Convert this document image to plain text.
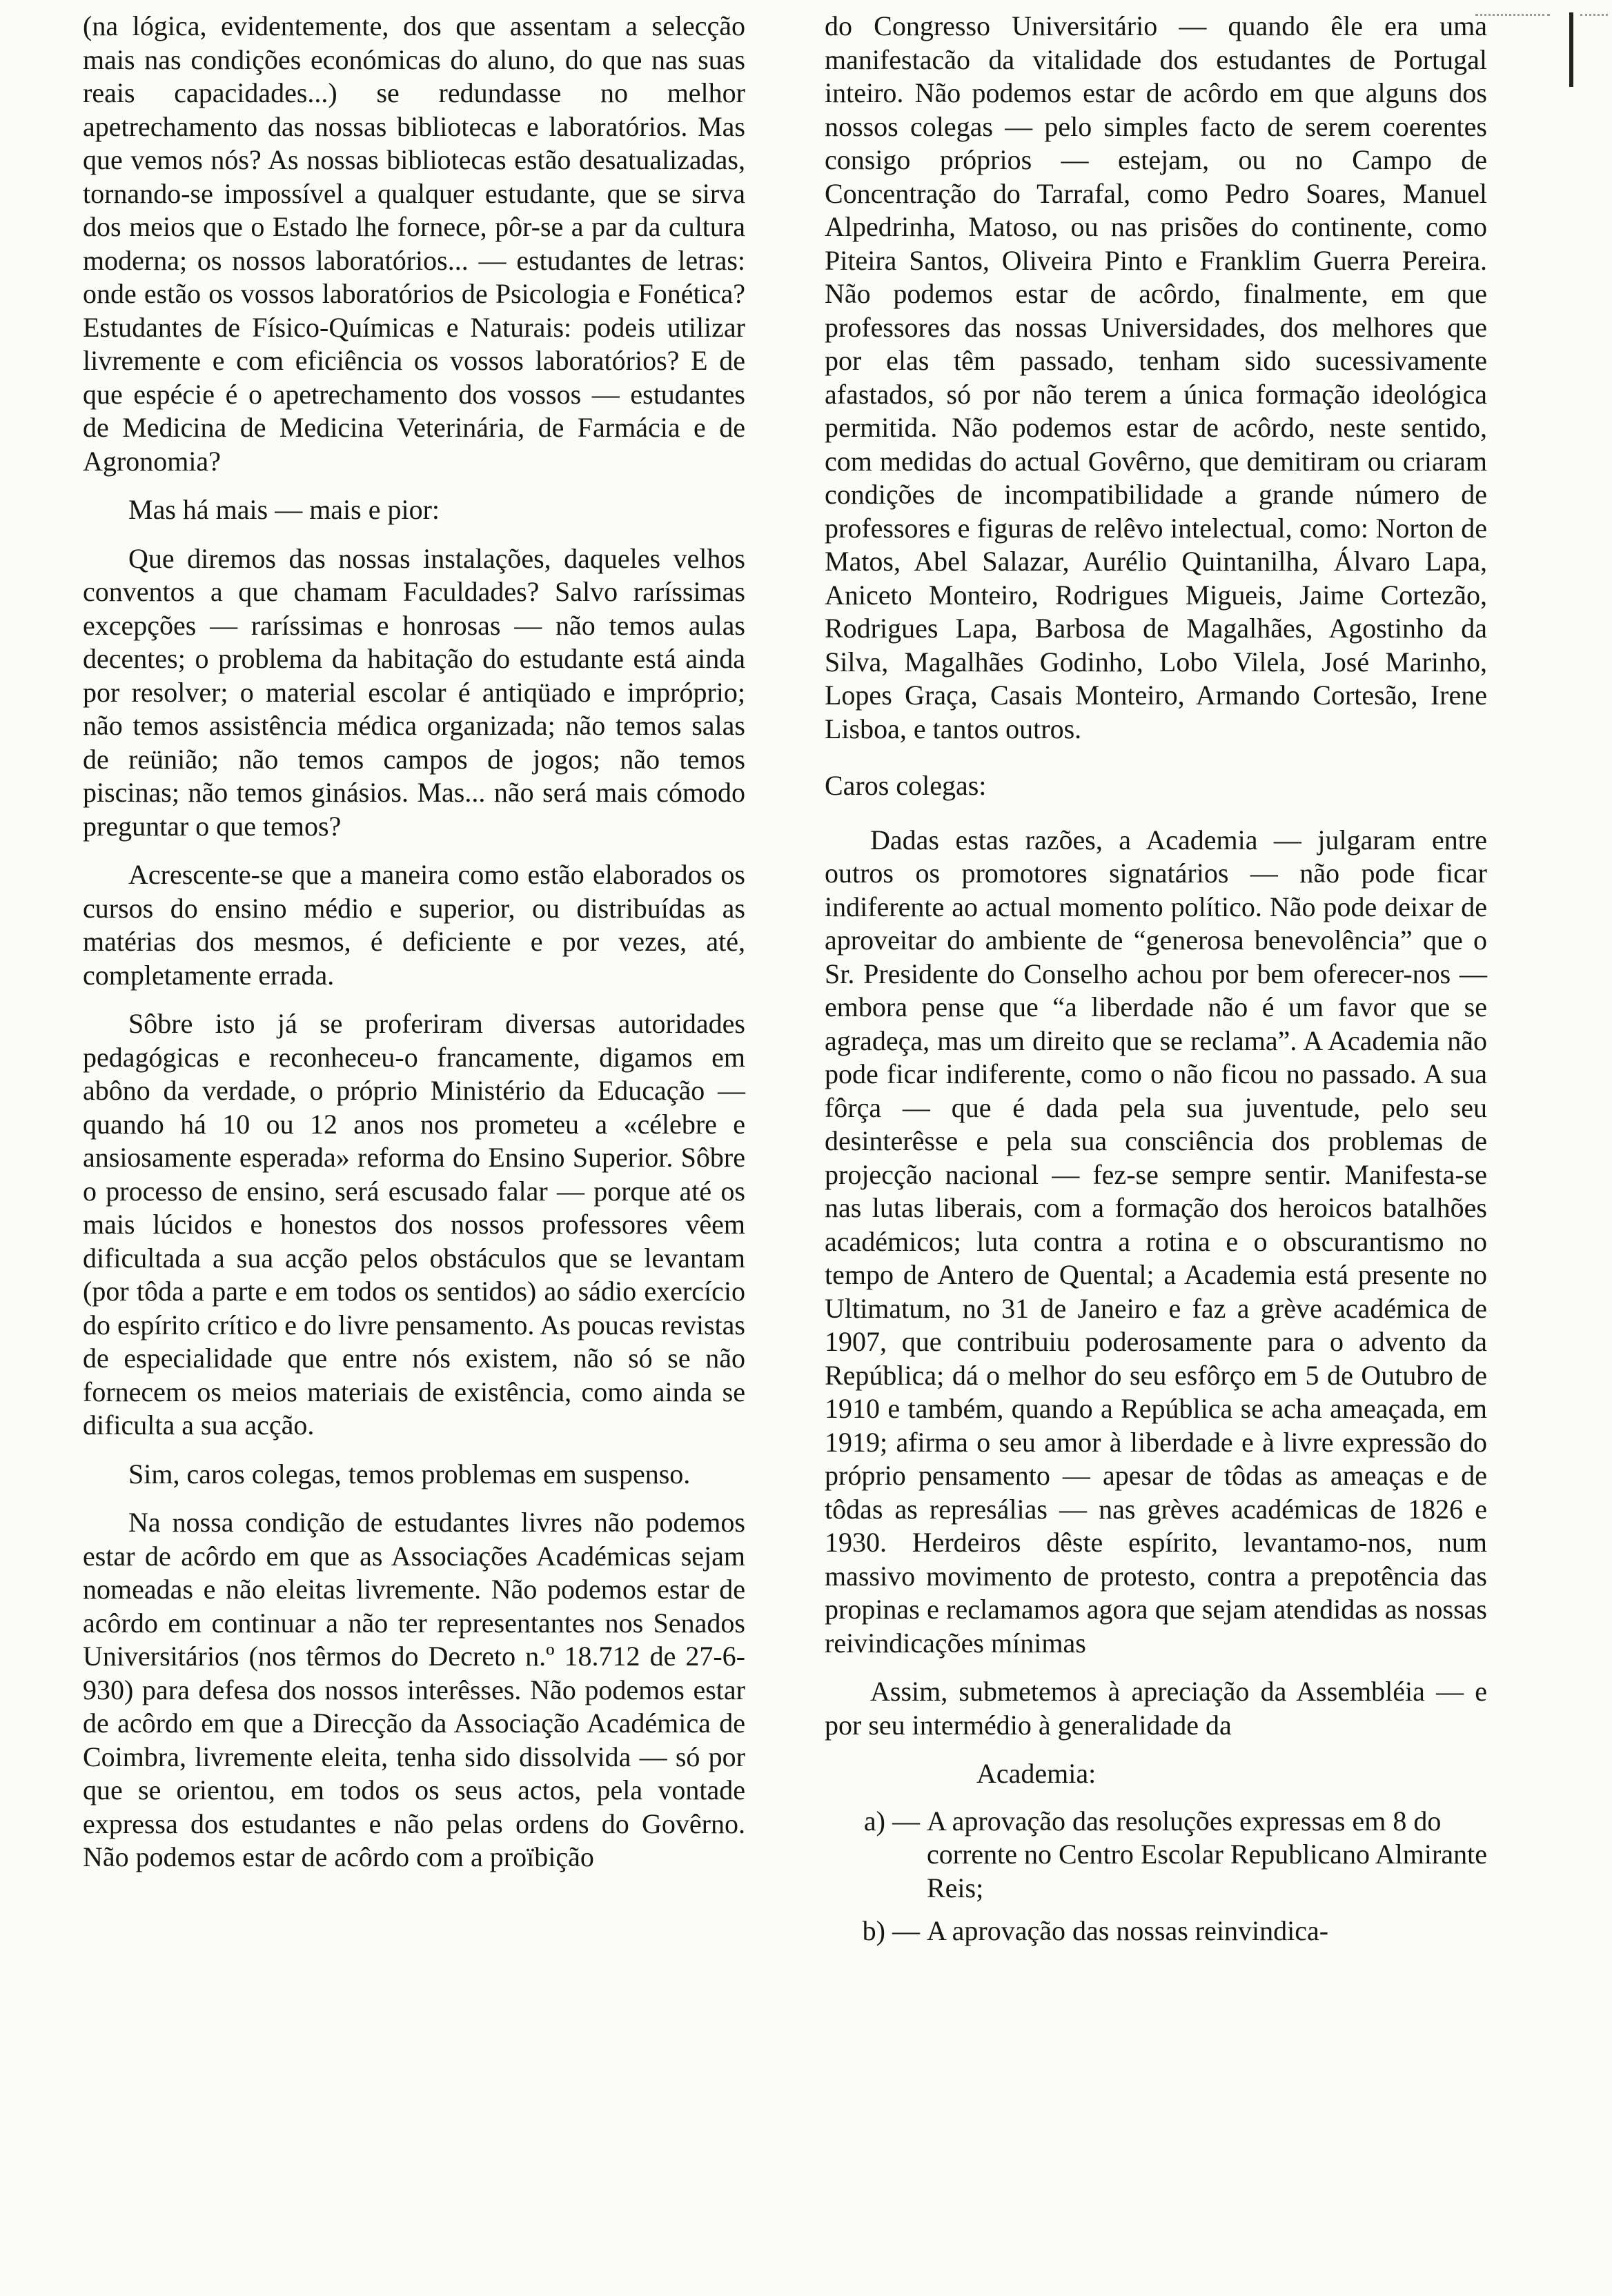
(na lógica, evidentemente, dos que assentam a selecção mais nas condições económicas do aluno, do que nas suas reais capacidades...) se redundasse no melhor apetrechamento das nossas bibliotecas e laboratórios. Mas que vemos nós? As nossas bibliotecas estão desatualizadas, tornando-se impossível a qualquer estudante, que se sirva dos meios que o Estado lhe fornece, pôr-se a par da cultura moderna; os nossos laboratórios... — estudantes de letras: onde estão os vossos laboratórios de Psicologia e Fonética? Estudantes de Físico-Químicas e Naturais: podeis utilizar livremente e com eficiência os vossos laboratórios? E de que espécie é o apetrechamento dos vossos — estudantes de Medicina de Medicina Veterinária, de Farmácia e de Agronomia?

Mas há mais — mais e pior:

Que diremos das nossas instalações, daqueles velhos conventos a que chamam Faculdades? Salvo raríssimas excepções — raríssimas e honrosas — não temos aulas decentes; o problema da habitação do estudante está ainda por resolver; o material escolar é antiqüado e impróprio; não temos assistência médica organizada; não temos salas de reünião; não temos campos de jogos; não temos piscinas; não temos ginásios. Mas... não será mais cómodo preguntar o que temos?

Acrescente-se que a maneira como estão elaborados os cursos do ensino médio e superior, ou distribuídas as matérias dos mesmos, é deficiente e por vezes, até, completamente errada.

Sôbre isto já se proferiram diversas autoridades pedagógicas e reconheceu-o francamente, digamos em abôno da verdade, o próprio Ministério da Educação — quando há 10 ou 12 anos nos prometeu a «célebre e ansiosamente esperada» reforma do Ensino Superior. Sôbre o processo de ensino, será escusado falar — porque até os mais lúcidos e honestos dos nossos professores vêem dificultada a sua acção pelos obstáculos que se levantam (por tôda a parte e em todos os sentidos) ao sádio exercício do espírito crítico e do livre pensamento. As poucas revistas de especialidade que entre nós existem, não só se não fornecem os meios materiais de existência, como ainda se dificulta a sua acção.

Sim, caros colegas, temos problemas em suspenso.

Na nossa condição de estudantes livres não podemos estar de acôrdo em que as Associações Académicas sejam nomeadas e não eleitas livremente. Não podemos estar de acôrdo em continuar a não ter representantes nos Senados Universitários (nos têrmos do Decreto n.º 18.712 de 27-6-930) para defesa dos nossos interêsses. Não podemos estar de acôrdo em que a Direcção da Associação Académica de Coimbra, livremente eleita, tenha sido dissolvida — só por que se orientou, em todos os seus actos, pela vontade expressa dos estudantes e não pelas ordens do Govêrno. Não podemos estar de acôrdo com a proïbição

do Congresso Universitário — quando êle era uma manifestacão da vitalidade dos estudantes de Portugal inteiro. Não podemos estar de acôrdo em que alguns dos nossos colegas — pelo simples facto de serem coerentes consigo próprios — estejam, ou no Campo de Concentração do Tarrafal, como Pedro Soares, Manuel Alpedrinha, Matoso, ou nas prisões do continente, como Piteira Santos, Oliveira Pinto e Franklim Guerra Pereira. Não podemos estar de acôrdo, finalmente, em que professores das nossas Universidades, dos melhores que por elas têm passado, tenham sido sucessivamente afastados, só por não terem a única formação ideológica permitida. Não podemos estar de acôrdo, neste sentido, com medidas do actual Govêrno, que demitiram ou criaram condições de incompatibilidade a grande número de professores e figuras de relêvo intelectual, como: Norton de Matos, Abel Salazar, Aurélio Quintanilha, Álvaro Lapa, Aniceto Monteiro, Rodrigues Migueis, Jaime Cortezão, Rodrigues Lapa, Barbosa de Magalhães, Agostinho da Silva, Magalhães Godinho, Lobo Vilela, José Marinho, Lopes Graça, Casais Monteiro, Armando Cortesão, Irene Lisboa, e tantos outros.

Caros colegas:

Dadas estas razões, a Academia — julgaram entre outros os promotores signatários — não pode ficar indiferente ao actual momento político. Não pode deixar de aproveitar do ambiente de “generosa benevolência” que o Sr. Presidente do Conselho achou por bem oferecer-nos — embora pense que “a liberdade não é um favor que se agradeça, mas um direito que se reclama”. A Academia não pode ficar indiferente, como o não ficou no passado. A sua fôrça — que é dada pela sua juventude, pelo seu desinterêsse e pela sua consciência dos problemas de projecção nacional — fez-se sempre sentir. Manifesta-se nas lutas liberais, com a formação dos heroicos batalhões académicos; luta contra a rotina e o obscurantismo no tempo de Antero de Quental; a Academia está presente no Ultimatum, no 31 de Janeiro e faz a grève académica de 1907, que contribuiu poderosamente para o advento da República; dá o melhor do seu esfôrço em 5 de Outubro de 1910 e também, quando a República se acha ameaçada, em 1919; afirma o seu amor à liberdade e à livre expressão do próprio pensamento — apesar de tôdas as ameaças e de tôdas as represálias — nas grèves académicas de 1826 e 1930. Herdeiros dêste espírito, levantamo-nos, num massivo movimento de protesto, contra a prepotência das propinas e reclamamos agora que sejam atendidas as nossas reivindicações mínimas

Assim, submetemos à apreciação da Assembléia — e por seu intermédio à generalidade da

Academia:

a) — A aprovação das resoluções expressas em 8 do corrente no Centro Escolar Republicano Almirante Reis;
b) — A aprovação das nossas reinvindica-
